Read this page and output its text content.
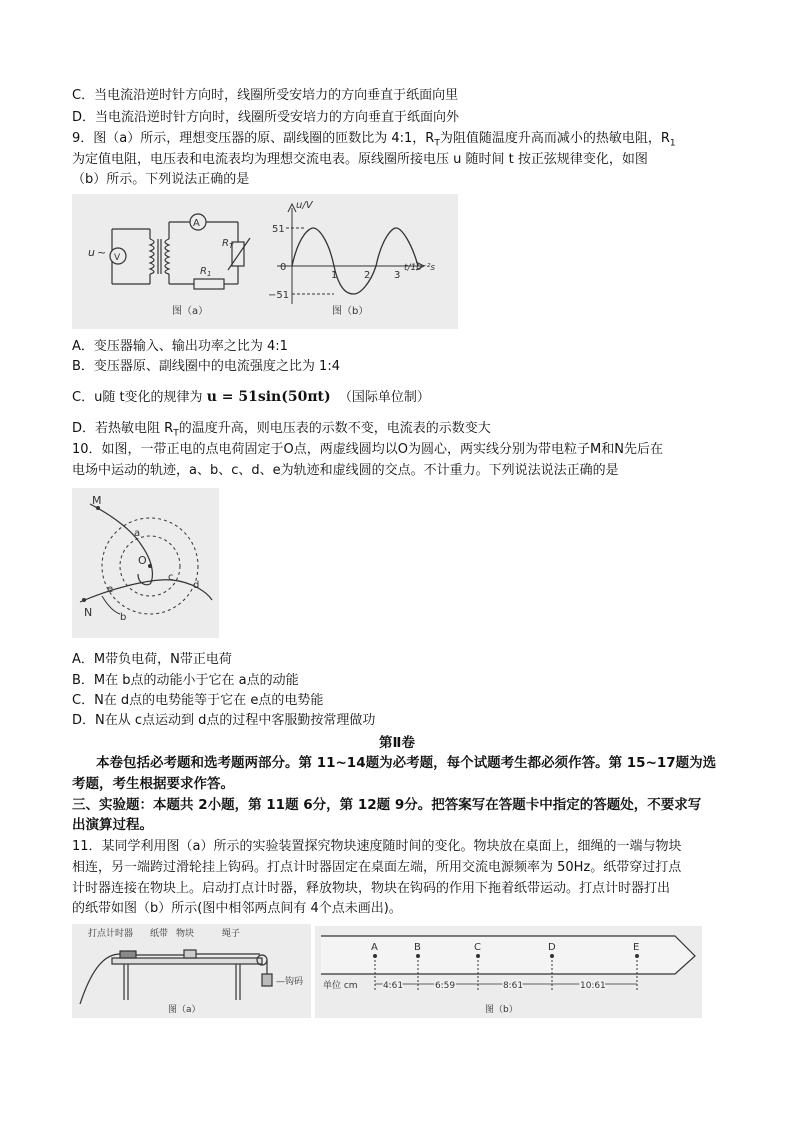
C．当电流沿逆时针方向时，线圈所受安培力的方向垂直于纸面向里
D．当电流沿逆时针方向时，线圈所受安培力的方向垂直于纸面向外
9．图（a）所示，理想变压器的原、副线圈的匝数比为 4:1，$R_T$为阻值随温度升高而减小的热敏电阻，$R_1$
为定值电阻，电压表和电流表均为理想交流电表。原线圈所接电压 u 随时间 t 按正弦规律变化，如图
（b）所示。下列说法正确的是
A
V
u ~
$R_T$
$R_1$
图（a）
u/V
51
−51
0
1	2 3
t/10⁻²s
图（b）
A．变压器输入、输出功率之比为 4:1
B．变压器原、副线圈中的电流强度之比为 1:4
C．u随 t变化的规律为 u = 51sin(50πt) （国际单位制）
D．若热敏电阻 $R_T$的温度升高，则电压表的示数不变，电流表的示数变大
10．如图，一带正电的点电荷固定于O点，两虚线圆均以O为圆心，两实线分别为带电粒子M和N先后在
电场中运动的轨迹，a、b、c、d、e为轨迹和虚线圆的交点。不计重力。下列说法说法正确的是
M
N
a
b
c
d
e
O
A．M带负电荷，N带正电荷
B．M在 b点的动能小于它在 a点的动能
C．N在 d点的电势能等于它在 e点的电势能
D．N在从 c点运动到 d点的过程中客服勤按常理做功
第Ⅱ卷
本卷包括必考题和选考题两部分。第 11~14题为必考题，每个试题考生都必须作答。第 15~17题为选
考题，考生根据要求作答。
三、实验题：本题共 2小题，第 11题 6分，第 12题 9分。把答案写在答题卡中指定的答题处，不要求写
出演算过程。
11．某同学利用图（a）所示的实验装置探究物块速度随时间的变化。物块放在桌面上，细绳的一端与物块
相连，另一端跨过滑轮挂上钩码。打点计时器固定在桌面左端，所用交流电源频率为 50Hz。纸带穿过打点
计时器连接在物块上。启动打点计时器，释放物块，物块在钩码的作用下拖着纸带运动。打点计时器打出
的纸带如图（b）所示(图中相邻两点间有 4个点未画出)。
打点计时器 纸带 物块	绳子
—钩码
图（a）
A	B	C	D	E
单位 cm	4.61	6.59	8.61	10.61
图（b）
